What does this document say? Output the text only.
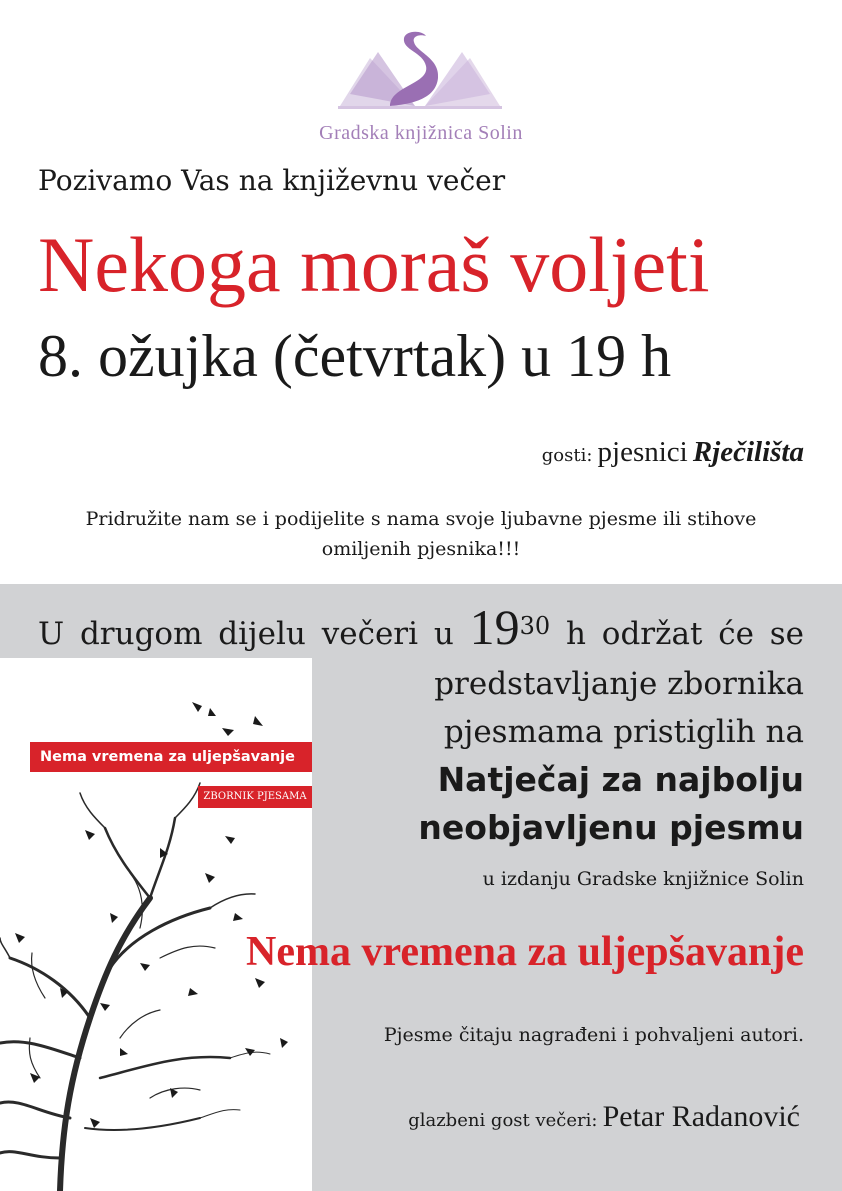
Gradska knjižnica Solin
Pozivamo Vas na književnu večer
Nekoga moraš voljeti
8. ožujka (četvrtak) u 19 h
gosti: pjesnici Rječilišta
Pridružite nam se i podijelite s nama svoje ljubavne pjesme ili stihove
omiljenih pjesnika!!!
U drugom dijelu večeri u $19^{30}$ h održat će se
Nema vremena za uljepšavanje
ZBORNIK PJESAMA
predstavljanje zbornika
pjesmama pristiglih na
Natječaj za najbolju
neobjavljenu pjesmu
u izdanju Gradske knjižnice Solin
Nema vremena za uljepšavanje
Pjesme čitaju nagrađeni i pohvaljeni autori.
glazbeni gost večeri: Petar Radanović
